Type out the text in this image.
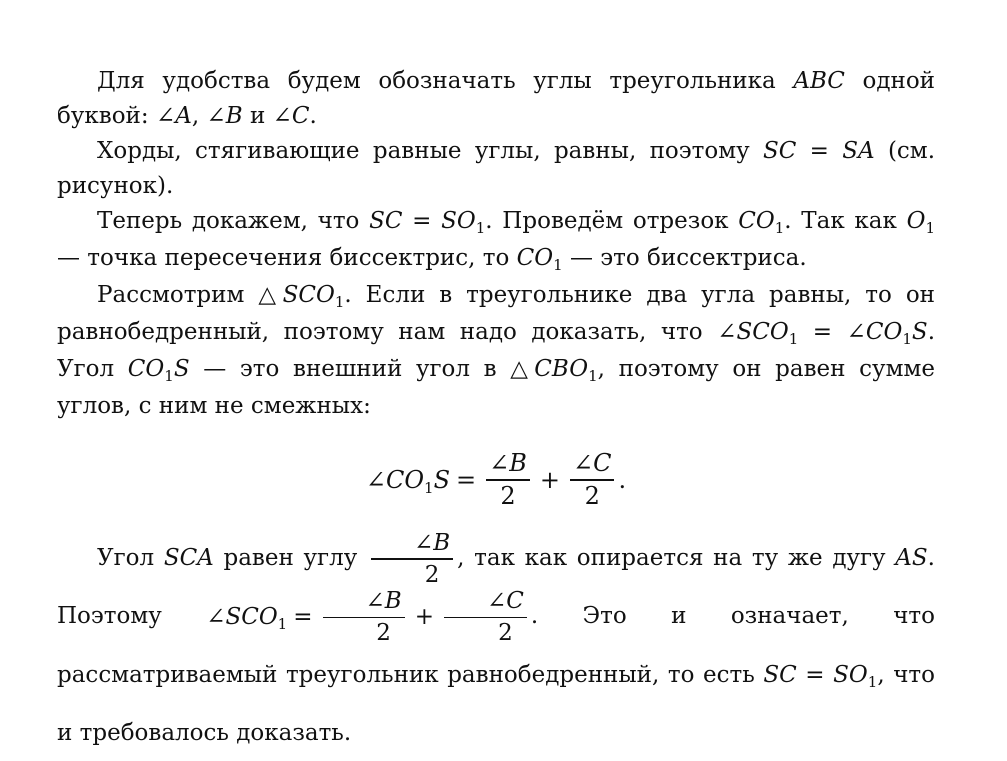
Для удобства будем обозначать углы треугольника ABC одной буквой: ∠A, ∠B и ∠C.

Хорды, стягивающие равные углы, равны, поэтому SC = SA (см. рисунок).

Теперь докажем, что SC = $SO_1$. Проведём отрезок $CO_1$. Так как $O_1$ — точка пересечения биссектрис, то $CO_1$ — это биссектриса.

Рассмотрим $\triangle SCO_1$. Если в треугольнике два угла равны, то он равнобедренный, поэтому нам надо доказать, что $\angle SCO_1$ = $\angle CO_1S$. Угол $CO_1S$ — это внешний угол в $\triangle CBO_1$, поэтому он равен сумме углов, с ним не смежных:

$\angle CO_1S = \frac{\angle B}{2} + \frac{\angle C}{2}$ .

Угол SCA равен углу $\frac{\angle B}{2}$ , так как опирается на ту же дугу AS. Поэтому $\angle SCO_1 = \frac{\angle B}{2} + \frac{\angle C}{2}$ . Это и означает, что рассматриваемый треугольник равнобедренный, то есть SC = $SO_1$, что и требовалось доказать.
